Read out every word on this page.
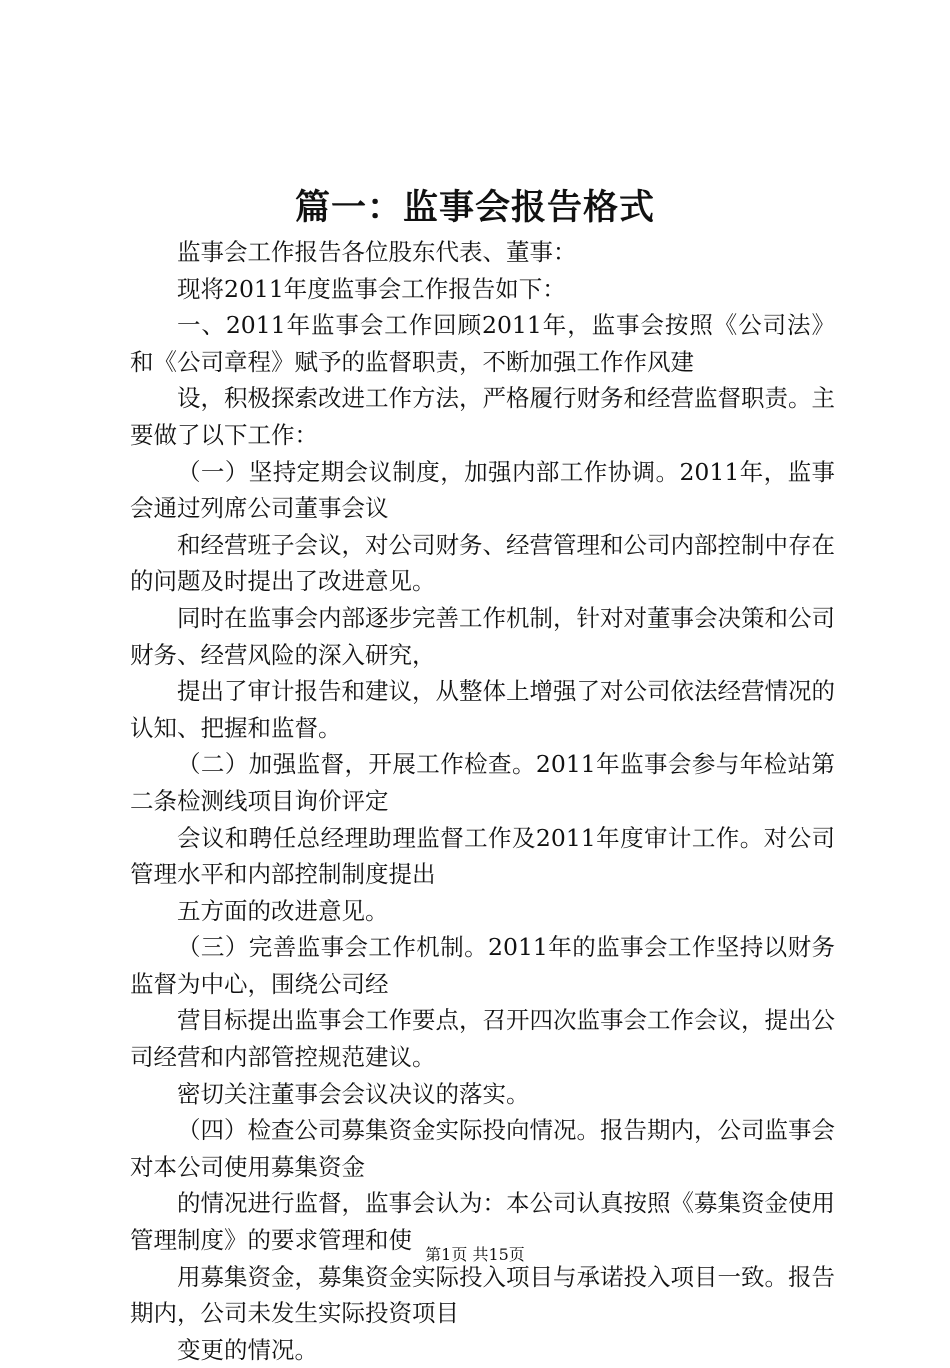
篇一：监事会报告格式

监事会工作报告各位股东代表、董事：

现将2011年度监事会工作报告如下：

一、2011年监事会工作回顾2011年，监事会按照《公司法》和《公司章程》赋予的监督职责，不断加强工作作风建

设，积极探索改进工作方法，严格履行财务和经营监督职责。主要做了以下工作：

（一）坚持定期会议制度，加强内部工作协调。2011年，监事会通过列席公司董事会议

和经营班子会议，对公司财务、经营管理和公司内部控制中存在的问题及时提出了改进意见。

同时在监事会内部逐步完善工作机制，针对对董事会决策和公司财务、经营风险的深入研究，

提出了审计报告和建议，从整体上增强了对公司依法经营情况的认知、把握和监督。

（二）加强监督，开展工作检查。2011年监事会参与年检站第二条检测线项目询价评定

会议和聘任总经理助理监督工作及2011年度审计工作。对公司管理水平和内部控制制度提出

五方面的改进意见。

（三）完善监事会工作机制。2011年的监事会工作坚持以财务监督为中心，围绕公司经

营目标提出监事会工作要点，召开四次监事会工作会议，提出公司经营和内部管控规范建议。

密切关注董事会会议决议的落实。

（四）检查公司募集资金实际投向情况。报告期内，公司监事会对本公司使用募集资金

的情况进行监督，监事会认为：本公司认真按照《募集资金使用管理制度》的要求管理和使

用募集资金，募集资金实际投入项目与承诺投入项目一致。报告期内，公司未发生实际投资项目

变更的情况。

第1页 共15页
